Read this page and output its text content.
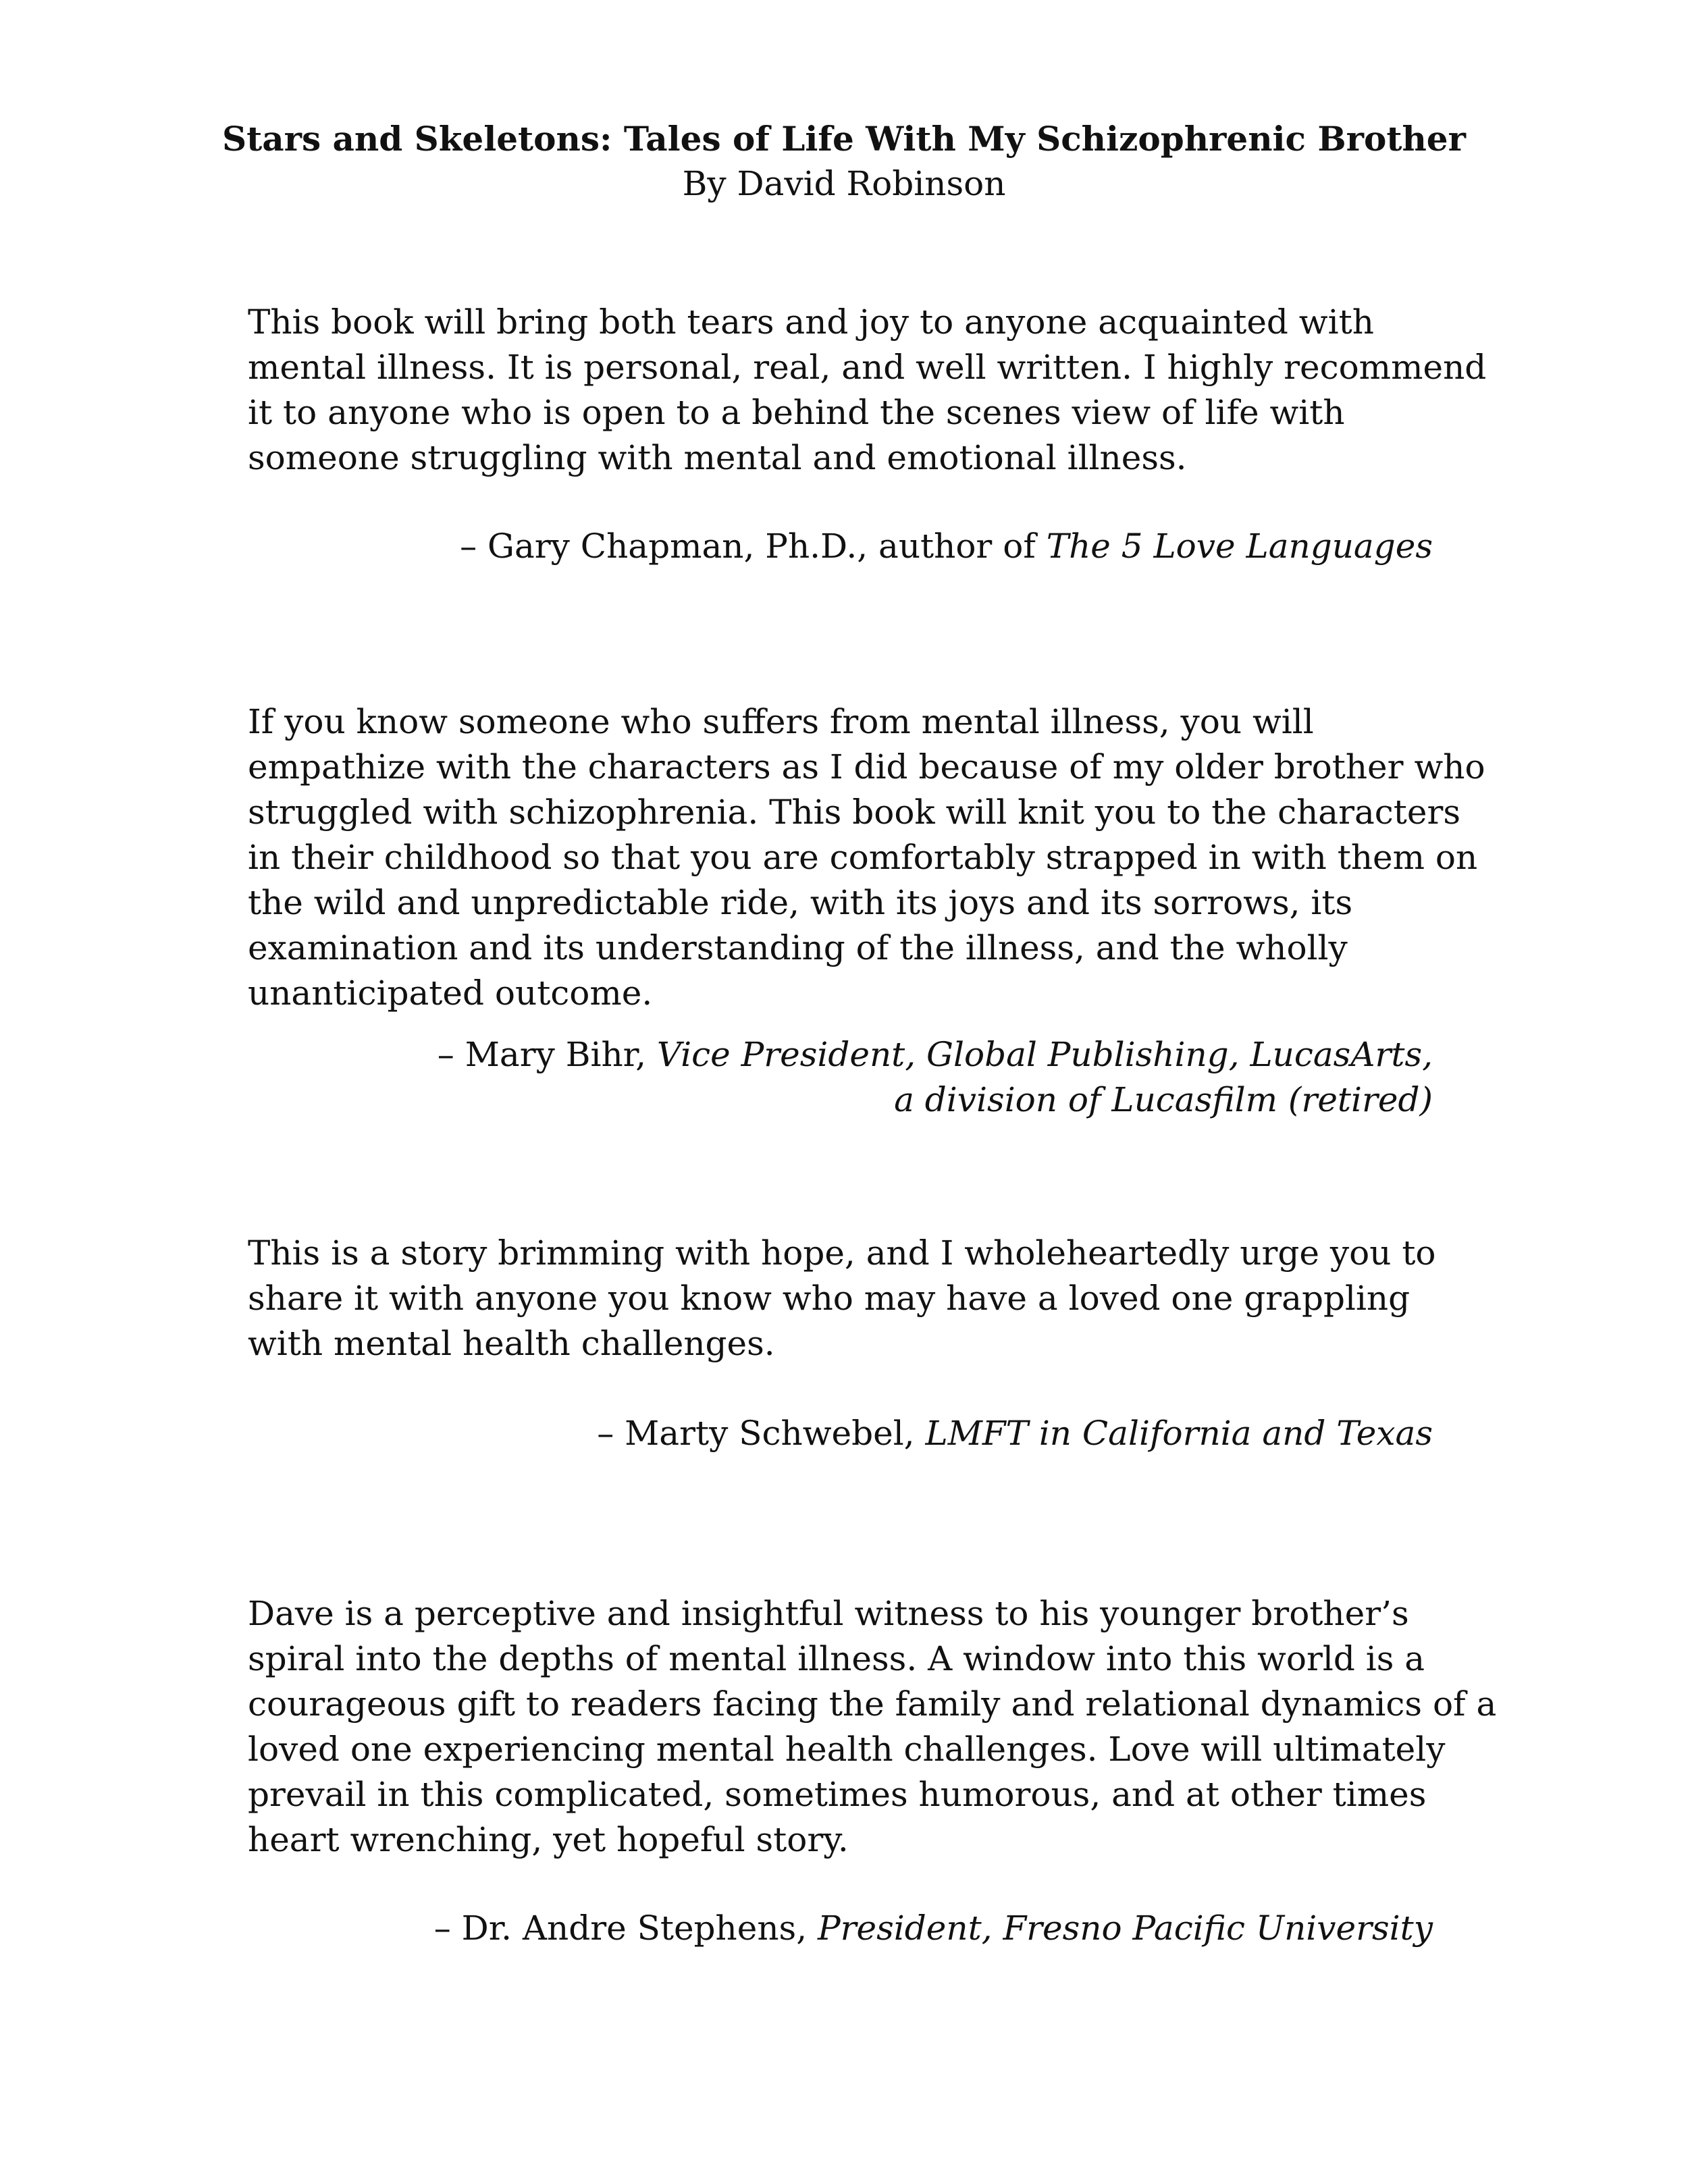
Stars and Skeletons: Tales of Life With My Schizophrenic Brother
By David Robinson
This book will bring both tears and joy to anyone acquainted with
mental illness. It is personal, real, and well written. I highly recommend
it to anyone who is open to a behind the scenes view of life with
someone struggling with mental and emotional illness.
– Gary Chapman, Ph.D., author of The 5 Love Languages
If you know someone who suffers from mental illness, you will
empathize with the characters as I did because of my older brother who
struggled with schizophrenia. This book will knit you to the characters
in their childhood so that you are comfortably strapped in with them on
the wild and unpredictable ride, with its joys and its sorrows, its
examination and its understanding of the illness, and the wholly
unanticipated outcome.
– Mary Bihr, Vice President, Global Publishing, LucasArts,
a division of Lucasfilm (retired)
This is a story brimming with hope, and I wholeheartedly urge you to
share it with anyone you know who may have a loved one grappling
with mental health challenges.
– Marty Schwebel, LMFT in California and Texas
Dave is a perceptive and insightful witness to his younger brother’s
spiral into the depths of mental illness. A window into this world is a
courageous gift to readers facing the family and relational dynamics of a
loved one experiencing mental health challenges. Love will ultimately
prevail in this complicated, sometimes humorous, and at other times
heart wrenching, yet hopeful story.
– Dr. Andre Stephens, President, Fresno Pacific University
